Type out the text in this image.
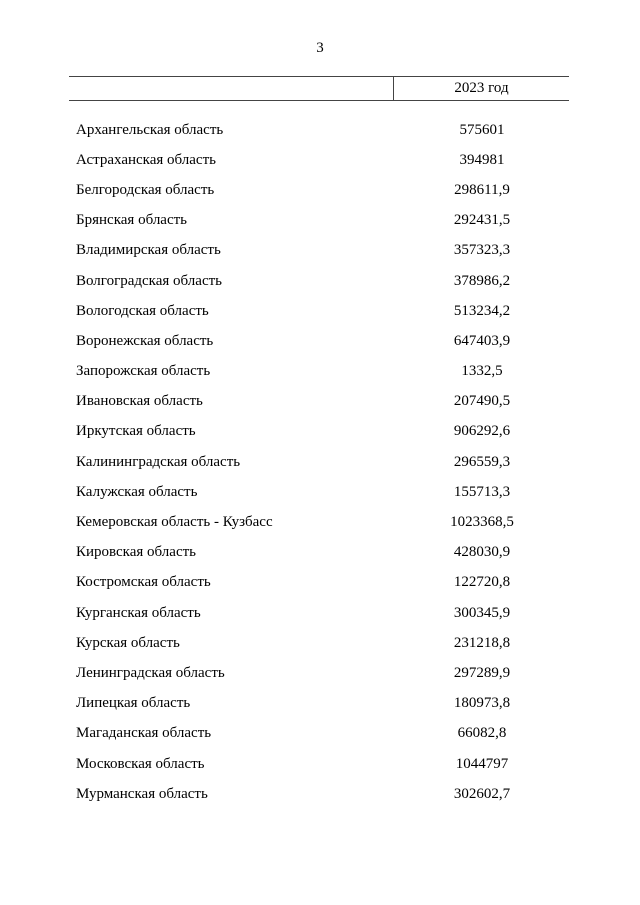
3
2023 год
Архангельская область	575601
Астраханская область	394981
Белгородская область	298611,9
Брянская область	292431,5
Владимирская область	357323,3
Волгоградская область	378986,2
Вологодская область	513234,2
Воронежская область	647403,9
Запорожская область	1332,5
Ивановская область	207490,5
Иркутская область	906292,6
Калининградская область	296559,3
Калужская область	155713,3
Кемеровская область - Кузбасс	1023368,5
Кировская область	428030,9
Костромская область	122720,8
Курганская область	300345,9
Курская область	231218,8
Ленинградская область	297289,9
Липецкая область	180973,8
Магаданская область	66082,8
Московская область	1044797
Мурманская область	302602,7
